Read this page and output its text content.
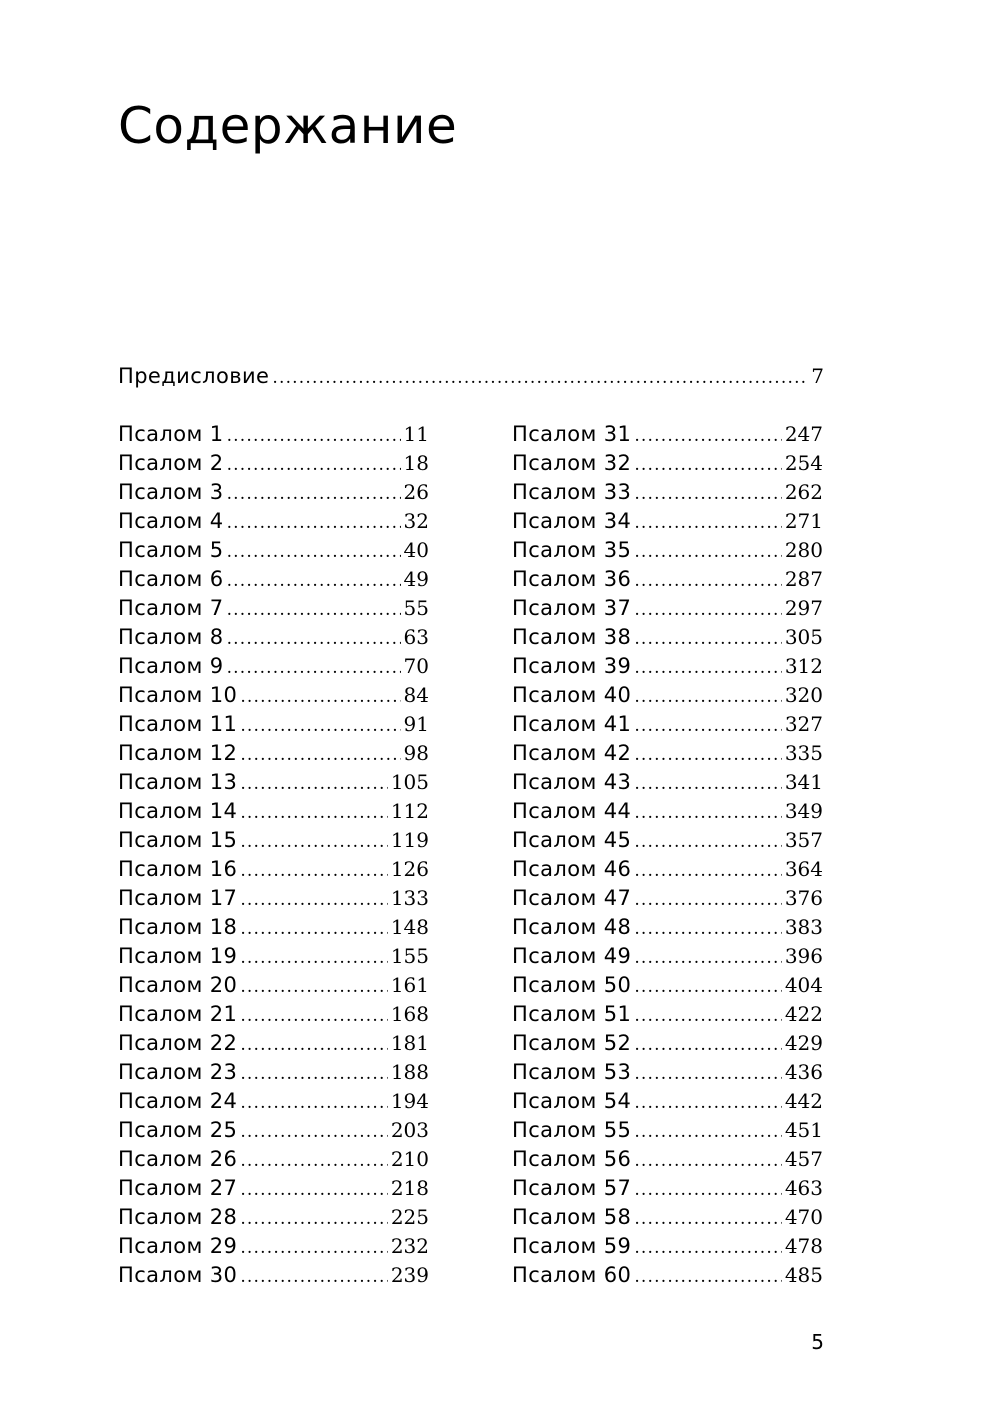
Содержание
Предисловие .....	7
Псалом 1 .....	11
Псалом 2 .....	18
Псалом 3 .....	26
Псалом 4 .....	32
Псалом 5 .....	40
Псалом 6 .....	49
Псалом 7 .....	55
Псалом 8 .....	63
Псалом 9 .....	70
Псалом 10 .....	84
Псалом 11 .....	91
Псалом 12 .....	98
Псалом 13 .....	105
Псалом 14 .....	112
Псалом 15 .....	119
Псалом 16 .....	126
Псалом 17 .....	133
Псалом 18 .....	148
Псалом 19 .....	155
Псалом 20 .....	161
Псалом 21 .....	168
Псалом 22 .....	181
Псалом 23 .....	188
Псалом 24 .....	194
Псалом 25 .....	203
Псалом 26 .....	210
Псалом 27 .....	218
Псалом 28 .....	225
Псалом 29 .....	232
Псалом 30 .....	239
Псалом 31 .....	247
Псалом 32 .....	254
Псалом 33 .....	262
Псалом 34 .....	271
Псалом 35 .....	280
Псалом 36 .....	287
Псалом 37 .....	297
Псалом 38 .....	305
Псалом 39 .....	312
Псалом 40 .....	320
Псалом 41 .....	327
Псалом 42 .....	335
Псалом 43 .....	341
Псалом 44 .....	349
Псалом 45 .....	357
Псалом 46 .....	364
Псалом 47 .....	376
Псалом 48 .....	383
Псалом 49 .....	396
Псалом 50 .....	404
Псалом 51 .....	422
Псалом 52 .....	429
Псалом 53 .....	436
Псалом 54 .....	442
Псалом 55 .....	451
Псалом 56 .....	457
Псалом 57 .....	463
Псалом 58 .....	470
Псалом 59 .....	478
Псалом 60 .....	485
5
